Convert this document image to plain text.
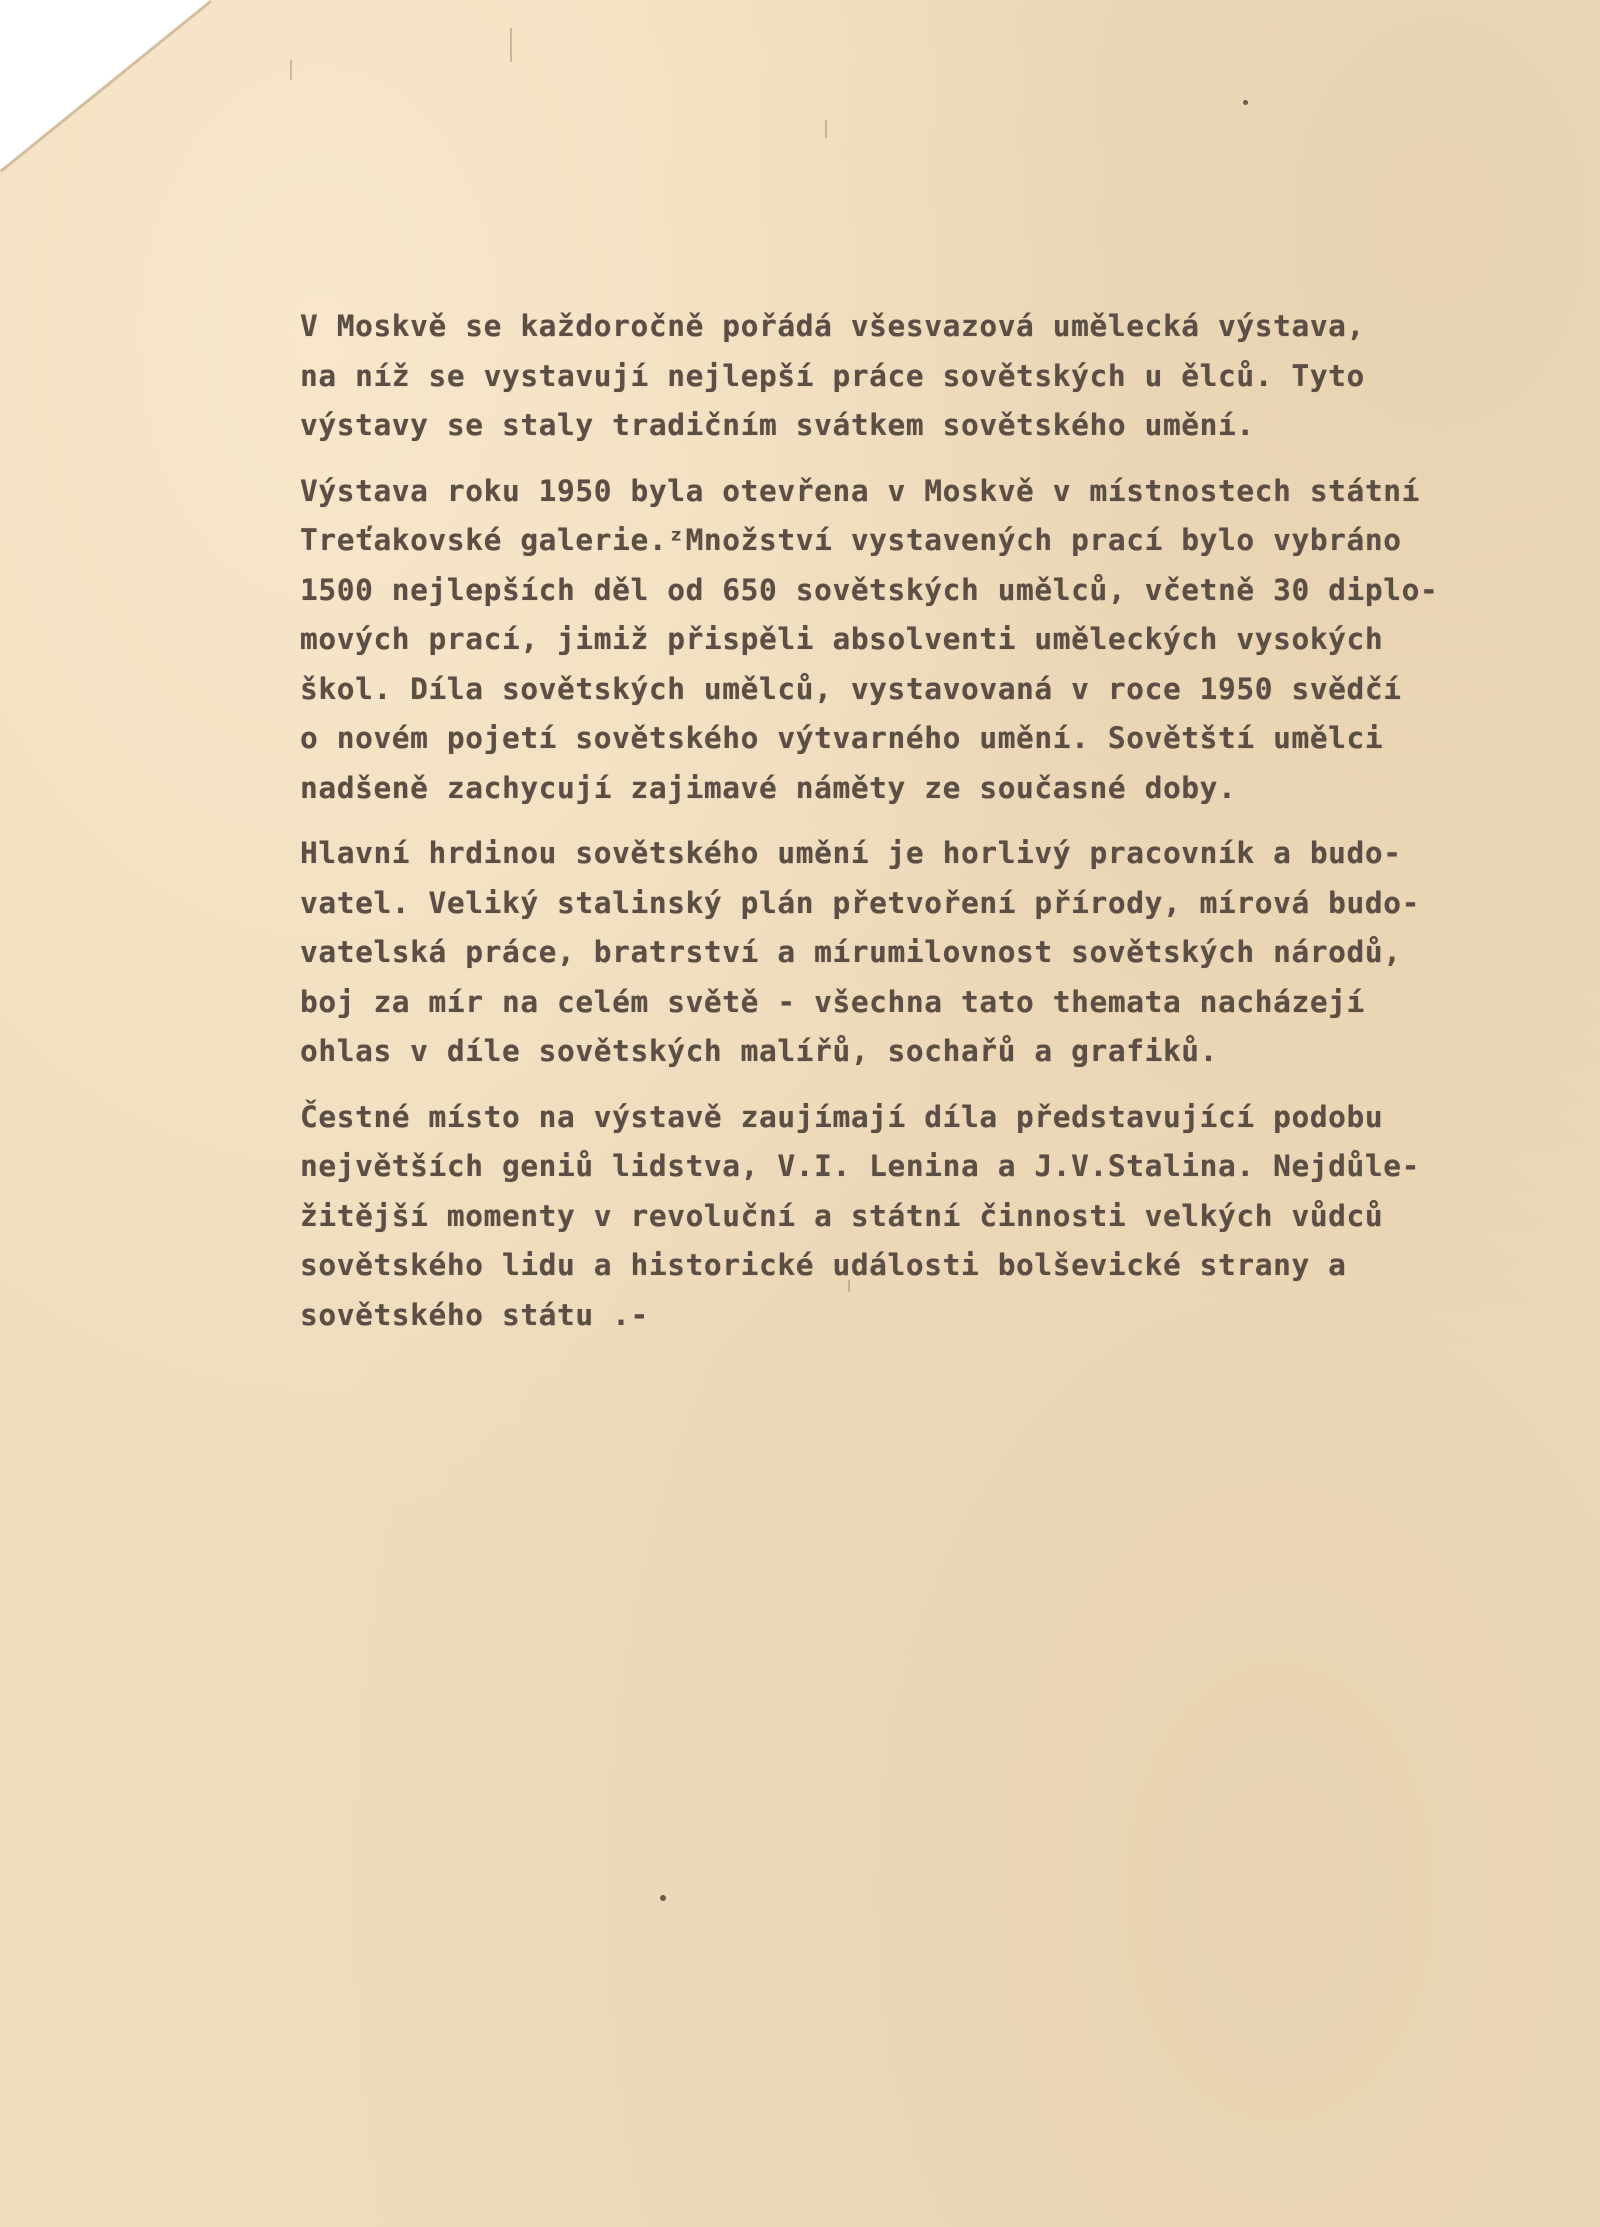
V Moskvě se každoročně pořádá všesvazová umělecká výstava,
na níž se vystavují nejlepší práce sovětských u ělců. Tyto
výstavy se staly tradičním svátkem sovětského umění.
Výstava roku 1950 byla otevřena v Moskvě v místnostech státní
Treťakovské galerie.ᶻMnožství vystavených prací bylo vybráno
1500 nejlepších děl od 650 sovětských umělců, včetně 30 diplo-
mových prací, jimiž přispěli absolventi uměleckých vysokých
škol. Díla sovětských umělců, vystavovaná v roce 1950 svědčí
o novém pojetí sovětského výtvarného umění. Sovětští umělci
nadšeně zachycují zajimavé náměty ze současné doby.
Hlavní hrdinou sovětského umění je horlivý pracovník a budo-
vatel. Veliký stalinský plán přetvoření přírody, mírová budo-
vatelská práce, bratrství a mírumilovnost sovětských národů,
boj za mír na celém světě - všechna tato themata nacházejí
ohlas v díle sovětských malířů, sochařů a grafiků.
Čestné místo na výstavě zaujímají díla představující podobu
největších geniů lidstva, V.I. Lenina a J.V.Stalina. Nejdůle-
žitější momenty v revoluční a státní činnosti velkých vůdců
sovětského lidu a historické události bolševické strany a
sovětského státu .-
